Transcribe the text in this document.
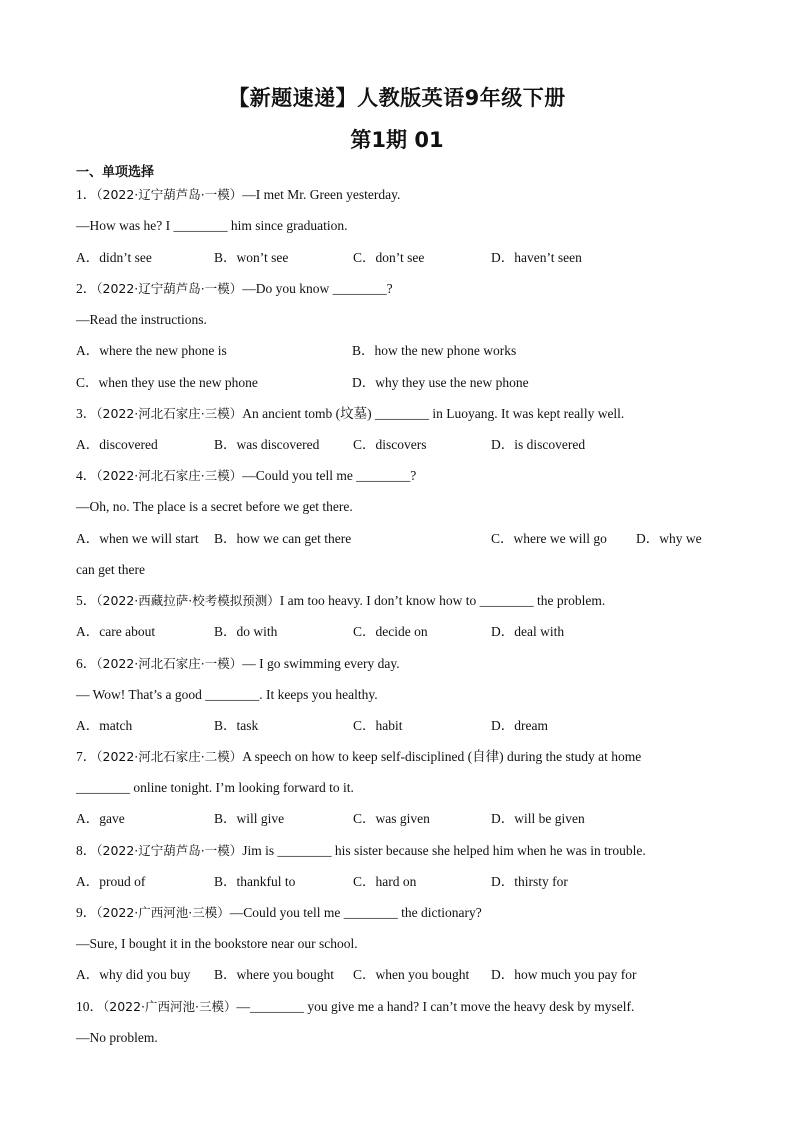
【新题速递】人教版英语9年级下册
第1期 01
一、单项选择
1．（2022·辽宁葫芦岛·一模）—I met Mr. Green yesterday.
—How was he? I ________ him since graduation.
A．didn’t see	B．won’t see	C．don’t see	D．haven’t seen
2．（2022·辽宁葫芦岛·一模）—Do you know ________?
—Read the instructions.
A．where the new phone is	B．how the new phone works
C．when they use the new phone	D．why they use the new phone
3．（2022·河北石家庄·三模）An ancient tomb (坟墓) ________ in Luoyang. It was kept really well.
A．discovered	B．was discovered C．discovers	D．is discovered
4．（2022·河北石家庄·三模）—Could you tell me ________?
—Oh, no. The place is a secret before we get there.
A．when we will start B．how we can get there	C．where we will go D．why we
can get there
5．（2022·西藏拉萨·校考模拟预测）I am too heavy. I don’t know how to ________ the problem.
A．care about	B．do with	C．decide on	D．deal with
6．（2022·河北石家庄·一模）— I go swimming every day.
— Wow! That’s a good ________. It keeps you healthy.
A．match	B．task	C．habit	D．dream
7．（2022·河北石家庄·二模）A speech on how to keep self-disciplined (自律) during the study at home
________ online tonight. I’m looking forward to it.
A．gave	B．will give	C．was given	D．will be given
8．（2022·辽宁葫芦岛·一模）Jim is ________ his sister because she helped him when he was in trouble.
A．proud of	B．thankful to	C．hard on	D．thirsty for
9．（2022·广西河池·三模）—Could you tell me ________ the dictionary?
—Sure, I bought it in the bookstore near our school.
A．why did you buy B．where you bought C．when you bought D．how much you pay for
10．（2022·广西河池·三模）—________ you give me a hand? I can’t move the heavy desk by myself.
—No problem.
